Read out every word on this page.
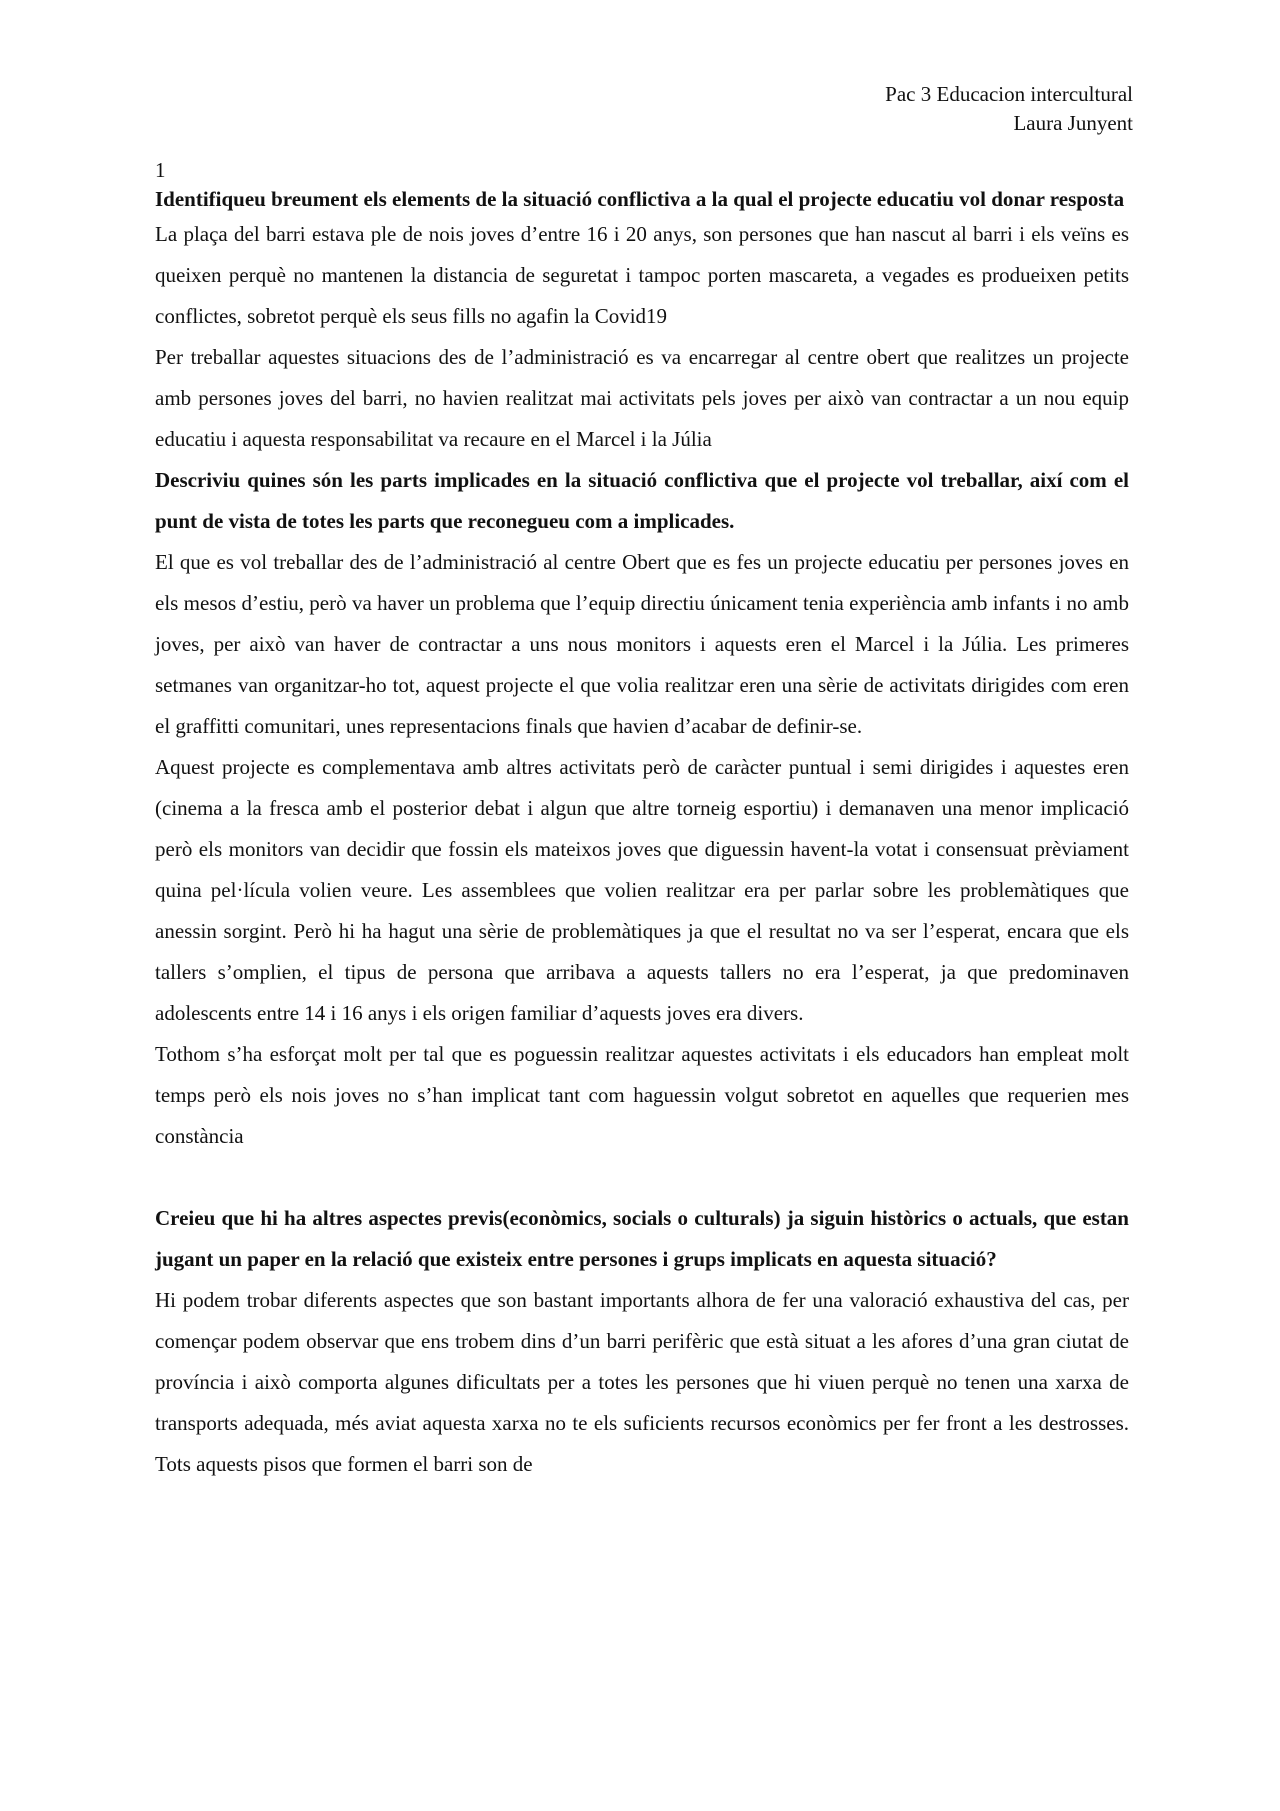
Pac 3 Educacion intercultural
Laura Junyent

1

Identifiqueu breument els elements de la situació conflictiva a la qual el projecte educatiu vol donar resposta

La plaça del barri estava ple de nois joves d’entre 16 i 20 anys, son persones que han nascut al barri i els veïns es queixen perquè no mantenen la distancia de seguretat i tampoc porten mascareta, a vegades es produeixen petits conflictes, sobretot perquè els seus fills no agafin la Covid19

Per treballar aquestes situacions des de l’administració es va encarregar al centre obert que realitzes un projecte amb persones joves del barri, no havien realitzat mai activitats pels joves per això van contractar a un nou equip educatiu i aquesta responsabilitat va recaure en el Marcel i la Júlia

Descriviu quines són les parts implicades en la situació conflictiva que el projecte vol treballar, així com el punt de vista de totes les parts que reconegueu com a implicades.

El que es vol treballar des de l’administració al centre Obert que es fes un projecte educatiu per persones joves en els mesos d’estiu, però va haver un problema que l’equip directiu únicament tenia experiència amb infants i no amb joves, per això van haver de contractar a uns nous monitors i aquests eren el Marcel i la Júlia. Les primeres setmanes van organitzar-ho tot, aquest projecte el que volia realitzar eren una sèrie de activitats dirigides com eren el graffitti comunitari, unes representacions finals que havien d’acabar de definir-se.

Aquest projecte es complementava amb altres activitats però de caràcter puntual i semi dirigides i aquestes eren (cinema a la fresca amb el posterior debat i algun que altre torneig esportiu) i demanaven una menor implicació però els monitors van decidir que fossin els mateixos joves que diguessin havent-la votat i consensuat prèviament quina pel·lícula volien veure. Les assemblees que volien realitzar era per parlar sobre les problemàtiques que anessin sorgint. Però hi ha hagut una sèrie de problemàtiques ja que el resultat no va ser l’esperat, encara que els tallers s’omplien, el tipus de persona que arribava a aquests tallers no era l’esperat, ja que predominaven adolescents entre 14 i 16 anys i els origen familiar d’aquests joves era divers.

Tothom s’ha esforçat molt per tal que es poguessin realitzar aquestes activitats i els educadors han empleat molt temps però els nois joves no s’han implicat tant com haguessin volgut sobretot en aquelles que requerien mes constància

Creieu que hi ha altres aspectes previs(econòmics, socials o culturals) ja siguin històrics o actuals, que estan jugant un paper en la relació que existeix entre persones i grups implicats en aquesta situació?

Hi podem trobar diferents aspectes que son bastant importants alhora de fer una valoració exhaustiva del cas, per començar podem observar que ens trobem dins d’un barri perifèric que està situat a les afores d’una gran ciutat de província i això comporta algunes dificultats per a totes les persones que hi viuen perquè no tenen una xarxa de transports adequada, més aviat aquesta xarxa no te els suficients recursos econòmics per fer front a les destrosses. Tots aquests pisos que formen el barri son de
